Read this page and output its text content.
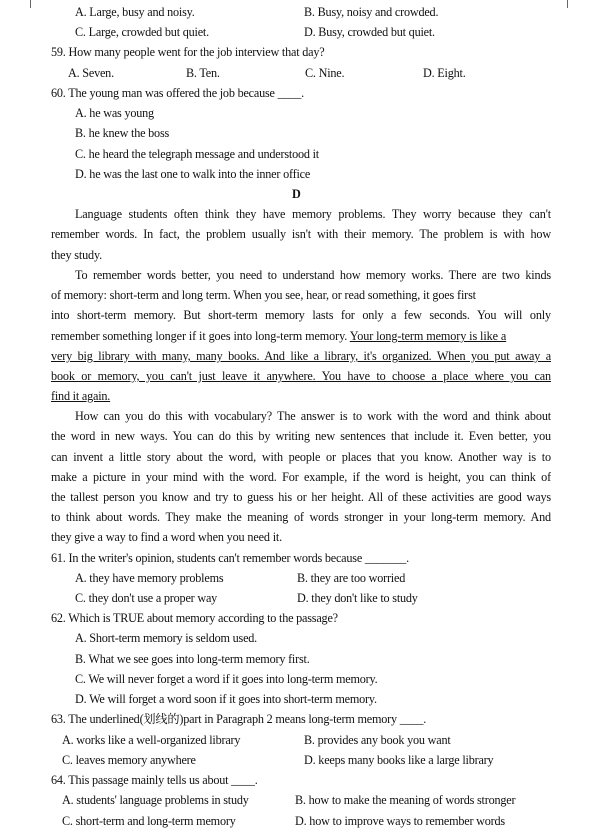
A. Large, busy and noisy.	B. Busy, noisy and crowded.
C. Large, crowded but quiet.	D. Busy, crowded but quiet.
59. How many people went for the job interview that day?
A. Seven.	B. Ten.	C. Nine.	D. Eight.
60. The young man was offered the job because ____.
A. he was young
B. he knew the boss
C. he heard the telegraph message and understood it
D. he was the last one to walk into the inner office
D
Language students often think they have memory problems. They worry because they can't
remember words. In fact, the problem usually isn't with their memory. The problem is with how
they study.
To remember words better, you need to understand how memory works. There are two kinds
of memory: short-term and long term. When you see, hear, or read something, it goes first
into short-term memory. But short-term memory lasts for only a few seconds. You will only
remember something longer if it goes into long-term memory. Your long-term memory is like a
very big library with many, many books. And like a library, it's organized. When you put away a
book or memory, you can't just leave it anywhere. You have to choose a place where you can
find it again.
How can you do this with vocabulary? The answer is to work with the word and think about
the word in new ways. You can do this by writing new sentences that include it. Even better, you
can invent a little story about the word, with people or places that you know. Another way is to
make a picture in your mind with the word. For example, if the word is height, you can think of
the tallest person you know and try to guess his or her height. All of these activities are good ways
to think about words. They make the meaning of words stronger in your long-term memory. And
they give a way to find a word when you need it.
61. In the writer's opinion, students can't remember words because _______.
A. they have memory problems	B. they are too worried
C. they don't use a proper way	D. they don't like to study
62. Which is TRUE about memory according to the passage?
A. Short-term memory is seldom used.
B. What we see goes into long-term memory first.
C. We will never forget a word if it goes into long-term memory.
D. We will forget a word soon if it goes into short-term memory.
63. The underlined(划线的)part in Paragraph 2 means long-term memory ____.
A. works like a well-organized library	B. provides any book you want
C. leaves memory anywhere	D. keeps many books like a large library
64. This passage mainly tells us about ____.
A. students' language problems in study	B. how to make the meaning of words stronger
C. short-term and long-term memory	D. how to improve ways to remember words
